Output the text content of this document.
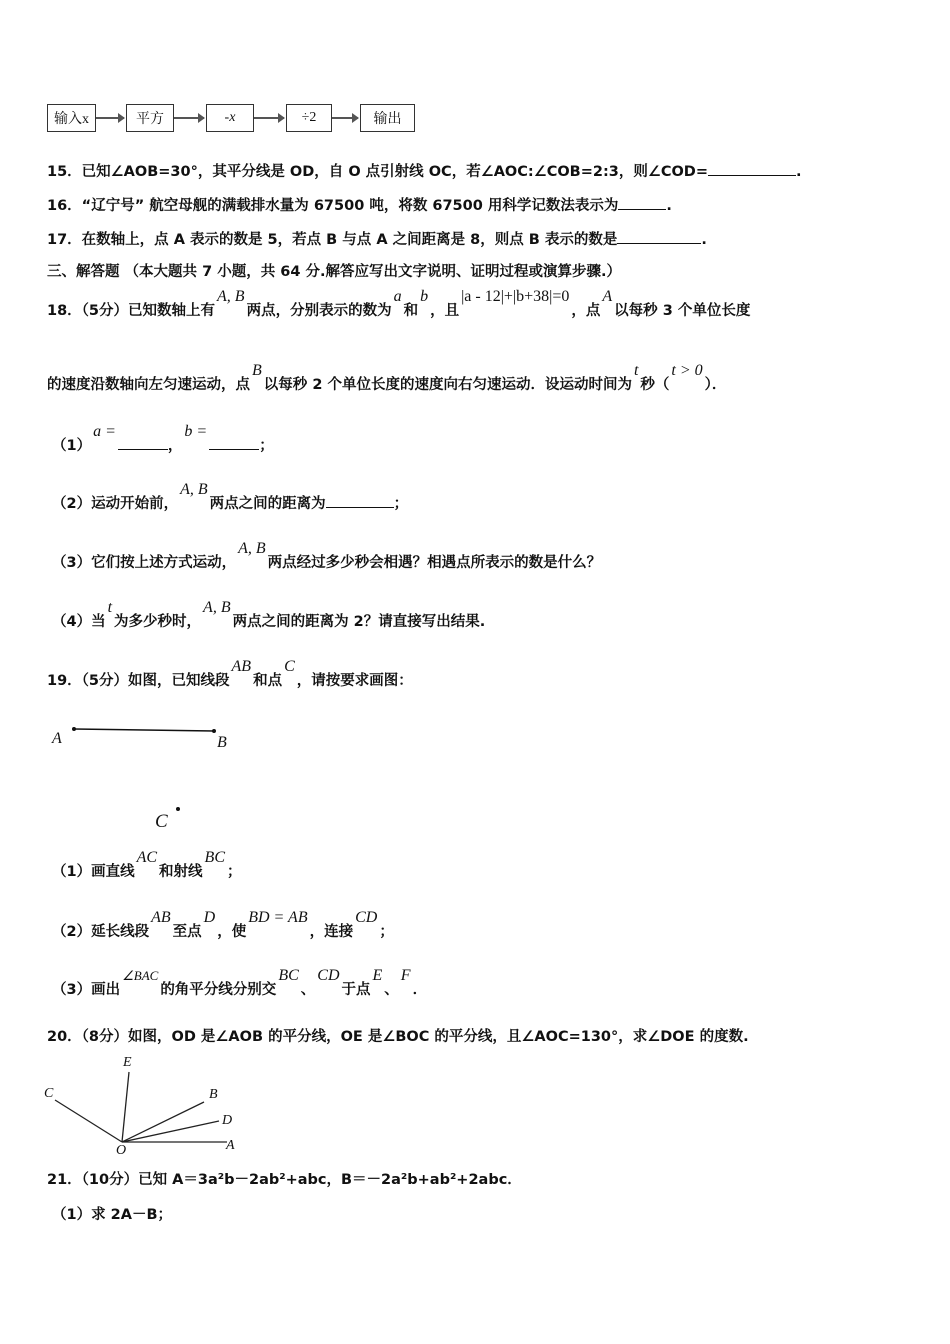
输入x	平方	-x	÷2	输出
15．已知∠AOB=30°，其平分线是 OD，自 O 点引射线 OC，若∠AOC:∠COB=2:3，则∠COD=	.
16．“辽宁号” 航空母舰的满载排水量为 67500 吨，将数 67500 用科学记数法表示为	.
17．在数轴上，点 A 表示的数是 5，若点 B 与点 A 之间距离是 8，则点 B 表示的数是	.
三、解答题 （本大题共 7 小题，共 64 分.解答应写出文字说明、证明过程或演算步骤.）
18．（5分）已知数轴上有A, B两点，分别表示的数为a和b，且|a - 12|+|b+38|=0，点A以每秒 3 个单位长度
的速度沿数轴向左匀速运动，点B以每秒 2 个单位长度的速度向右匀速运动．设运动时间为t秒（t > 0）．
（1）a =，b =；
（2）运动开始前，A, B两点之间的距离为	；
（3）它们按上述方式运动，A, B两点经过多少秒会相遇？相遇点所表示的数是什么？
（4）当t为多少秒时，A, B两点之间的距离为 2？请直接写出结果.
19．（5分）如图，已知线段AB和点C，请按要求画图：
A	B
C
（1）画直线AC和射线BC；
（2）延长线段AB至点D，使BD = AB，连接CD；
（3）画出∠BAC的角平分线分别交BC、CD于点E、F．
20．（8分）如图，OD 是∠AOB 的平分线，OE 是∠BOC 的平分线，且∠AOC=130°，求∠DOE 的度数.
E
C	B
D
A
O
21．（10分）已知 A＝3a²b－2ab²+abc，B＝－2a²b+ab²+2abc．
（1）求 2A－B；
